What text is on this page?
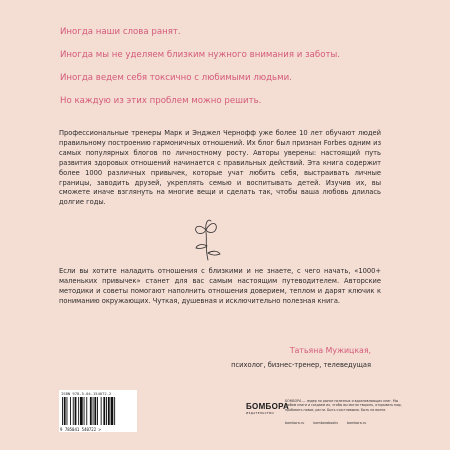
Иногда наши слова ранят.

Иногда мы не уделяем близким нужного внимания и заботы.

Иногда ведем себя токсично с любимыми людьми.

Но каждую из этих проблем можно решить.

Профессиональные тренеры Марк и Энджел Чернофф уже более 10 лет обучают людей правильному построению гармоничных отношений. Их блог был признан Forbes одним из самых популярных блогов по личностному росту. Авторы уверены: настоящий путь развития здоровых отношений начинается с правильных действий. Эта книга содержит более 1000 различных привычек, которые учат любить себя, выстраивать личные границы, заводить друзей, укреплять семью и воспитывать детей. Изучив их, вы сможете иначе взглянуть на многие вещи и сделать так, чтобы ваша любовь длилась долгие годы.

Если вы хотите наладить отношения с близкими и не знаете, с чего начать, «1000+ маленьких привычек» станет для вас самым настоящим путеводителем. Авторские методики и советы помогают наполнить отношения доверием, теплом и дарят ключик к пониманию окружающих. Чуткая, душевная и исключительно полезная книга.

Татьяна Мужицкая,
психолог, бизнес-тренер, телеведущая
ISBN 978-5-04-154072-2
9 785041 540722 >
БОМБОРА
ИЗДАТЕЛЬСТВО
БОМБОРА — лидер на рынке полезных и вдохновляющих книг. Мы любим книги и создаем их, чтобы вы могли творить, открывать мир, пробовать новое, расти. Быть счастливыми. Быть на волне.
bombora.ru	bomborabooks	bombora.ru
